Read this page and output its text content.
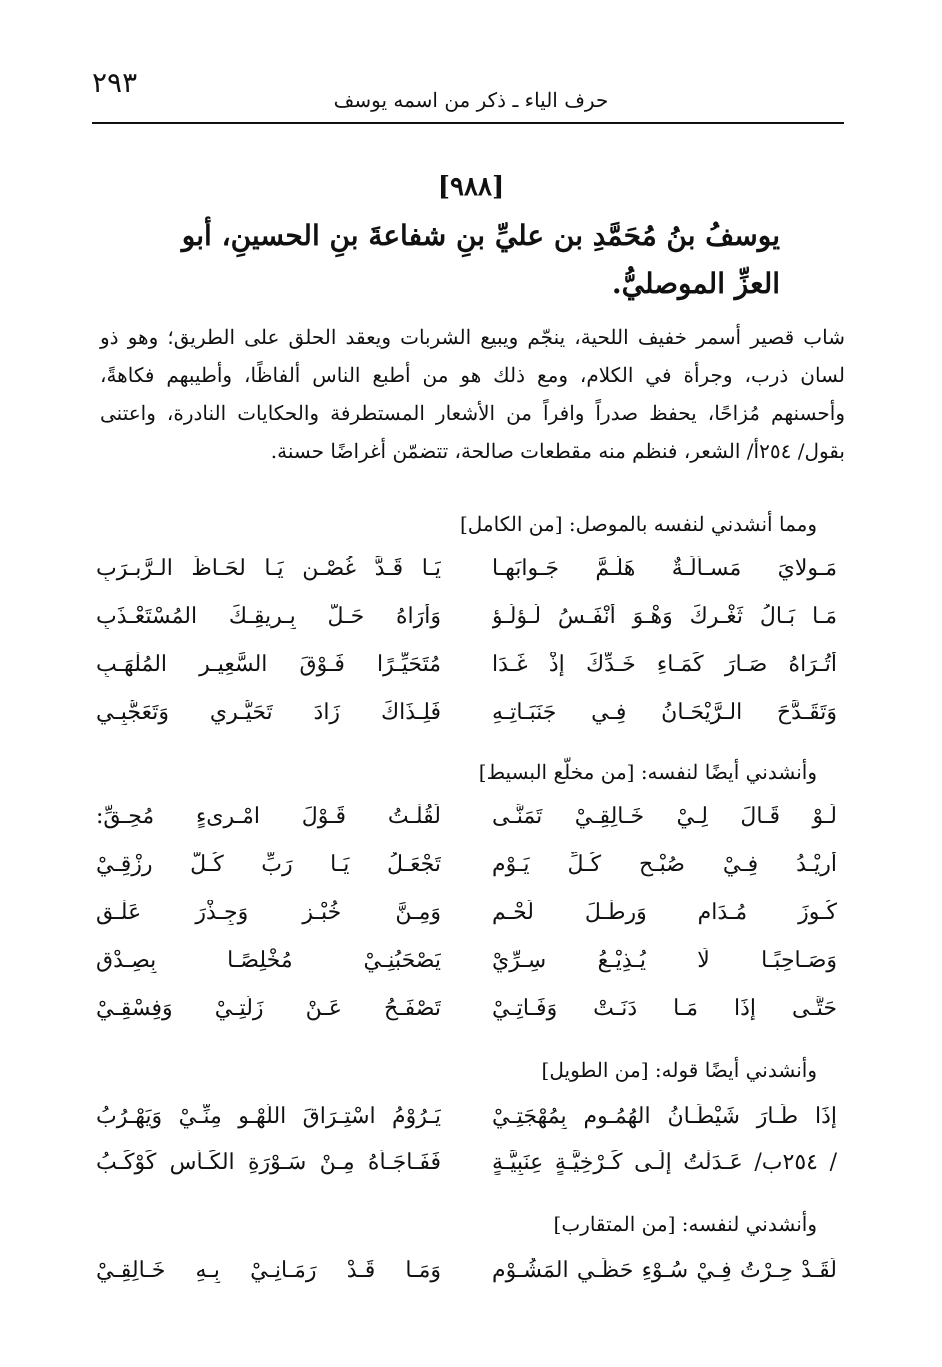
٢٩٣
حرف الياء ـ ذكر من اسمه يوسف
[٩٨٨]
يوسفُ بنُ مُحَمَّدِ بن عليِّ بنِ شفاعةَ بنِ الحسينِ، أبو العزِّ الموصليُّ.

شاب قصير أسمر خفيف اللحية، ينجّم ويبيع الشربات ويعقد الحلق على الطريق؛ وهو ذو لسان ذرب، وجرأة في الكلام، ومع ذلك هو من أطبع الناس ألفاظًا، وأطيبهم فكاهةً، وأحسنهم مُزاحًا، يحفظ صدراً وافراً من الأشعار المستطرفة والحكايات النادرة، واعتنى بقول/ ٢٥٤أ/ الشعر، فنظم منه مقطعات صالحة، تتضمّن أغراضًا حسنة.

ومما أنشدني لنفسه بالموصل: [من الكامل]
مَـولايَ مَسـألَـةٌ هَلُـمَّ جَـوابَهـا
يَـا قَـدَّ غُصْـنٍ يَـا لحَـاظَ الـرَّبـرَبِ
مَـا بَـالُ ثَغْـرِكَ وَهْـوَ أنْفَـسُ لُـؤلُـؤٍ
وَأَرَاهُ حَـلَّ بِـرِيقِـكَ المُسْتَعْـذَبِ
أتُـرَاهُ صَـارَ كَمَـاءِ خَـدِّكَ إذْ غَـدَا
مُتَحَيِّـرًا فَـوْقَ السَّعِيـرِ المُلْهَـبِ
وَتَقَـدَّحَ الـرَّيْحَـانُ فِـي جَنَبَـاتِـهِ
فَلِـذَاكَ زَادَ تَحَيُّـرِي وَتَعَجُّبِـي
وأنشدني أيضًا لنفسه: [من مخلّع البسيط]
لَـوْ قَـالَ لِـيْ خَـالِقِـيْ تَمَنَّـى
لَقُلْـتُ قَـوْلَ امْـرِىءٍ مُحِـقِّ:
أُرِيْـدُ فِـيْ صُبْـحِ كُـلِّ يَـوْمٍ
تَجْعَـلُ يَـا رَبِّ كُـلَّ رِزْقِـيْ
كُـوزَ مُـدَامٍ وَرِطْـلَ لَحْـمٍ
وَمِـنَّ خُبْـزٍ وَجِـذْرَ عَلْـقِ
وَصَـاحِبًـا لَا يُـذِيْـعُ سِـرِّيْ
يَصْحَبُنِـيْ مُخْلِصًـا بِصِـدْقِ
حَتَّـى إذَا مَـا دَنَـتْ وَفَـاتِـيْ
تَصْفَـحُ عَـنْ زَلَّتِـيْ وَفِسْقِـيْ
وأنشدني أيضًا قوله: [من الطويل]
إذَا طَـارَ شَيْطَـانُ الهُمُـومِ بِمُهْجَتِـيْ
يَـرُوْمُ اسْتِـرَاقَ اللَّهْـوِ مِنِّـيْ وَيَهْـرُبُ
/ ٢٥٤ب/ عَـدَلْتُ إلَـى كَـرْخِيَّـةٍ عِنَبِيَّـةٍ
فَفَـاجَـأَهُ مِـنْ سَـوْرَةِ الكَـأسِ كَوْكَـبُ
وأنشدني لنفسه: [من المتقارب]
لَقَـدْ حِـرْتُ فِـيْ سُـوْءِ حَظِّـي المَشُـوْمِ
وَمَـا قَـدْ رَمَـانِـيْ بِـهِ خَـالِقِـيْ
